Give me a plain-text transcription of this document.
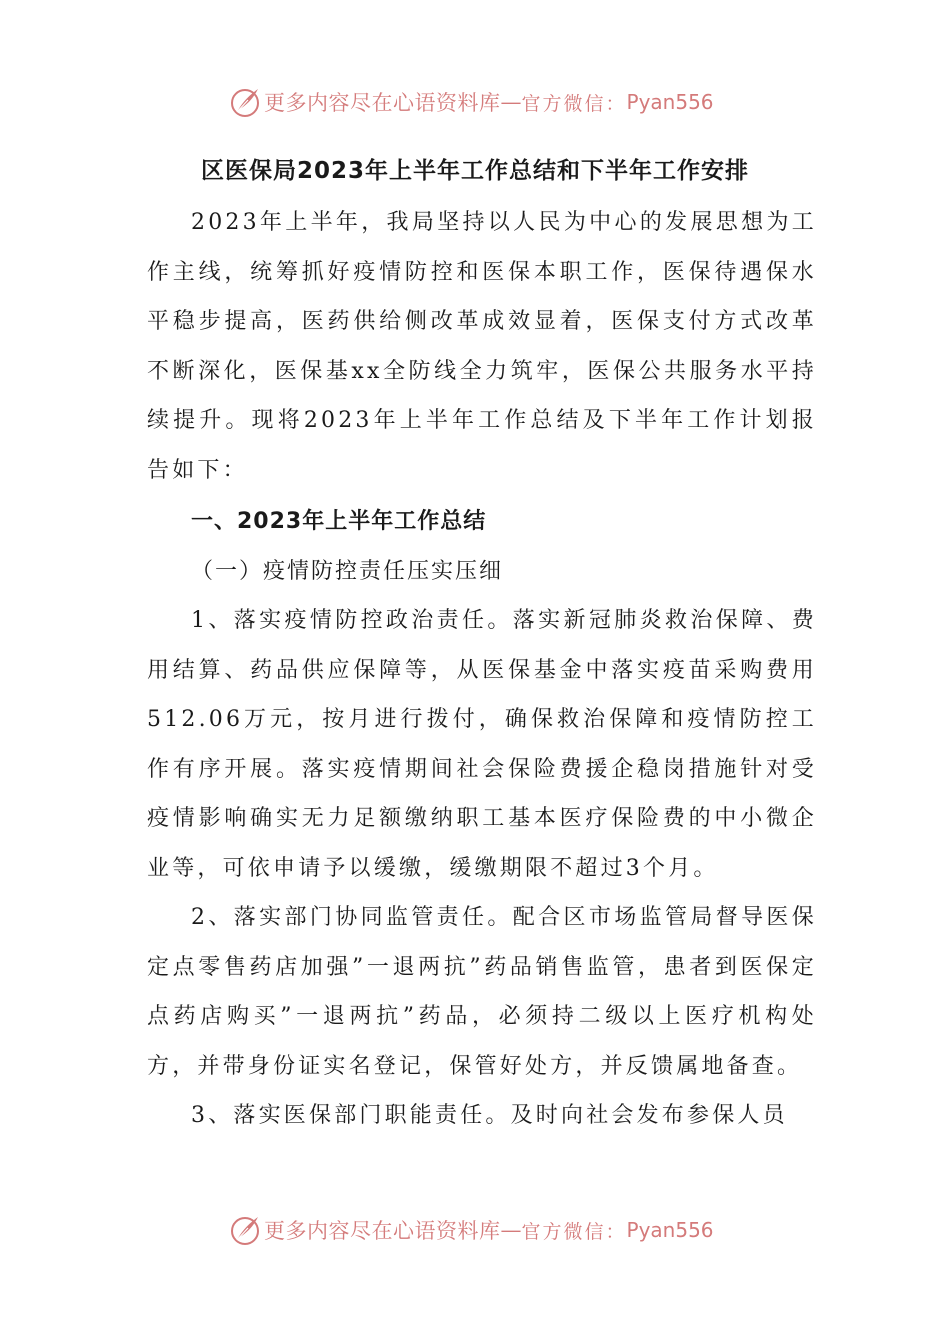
更多内容尽在心语资料库 — 官方微信： Pyan556
区医保局2023年上半年工作总结和下半年工作安排

2023年上半年，我局坚持以人民为中心的发展思想为工作主线，统筹抓好疫情防控和医保本职工作，医保待遇保水平稳步提高，医药供给侧改革成效显着，医保支付方式改革不断深化，医保基xx全防线全力筑牢，医保公共服务水平持续提升。现将2023年上半年工作总结及下半年工作计划报告如下：

一、2023年上半年工作总结

（一）疫情防控责任压实压细

1、落实疫情防控政治责任。落实新冠肺炎救治保障、费用结算、药品供应保障等，从医保基金中落实疫苗采购费用512.06万元，按月进行拨付，确保救治保障和疫情防控工作有序开展。落实疫情期间社会保险费援企稳岗措施针对受疫情影响确实无力足额缴纳职工基本医疗保险费的中小微企业等，可依申请予以缓缴，缓缴期限不超过3个月。

2、落实部门协同监管责任。配合区市场监管局督导医保定点零售药店加强”一退两抗”药品销售监管，患者到医保定点药店购买”一退两抗”药品，必须持二级以上医疗机构处方，并带身份证实名登记，保管好处方，并反馈属地备查。

3、落实医保部门职能责任。及时向社会发布参保人员

更多内容尽在心语资料库 — 官方微信： Pyan556
